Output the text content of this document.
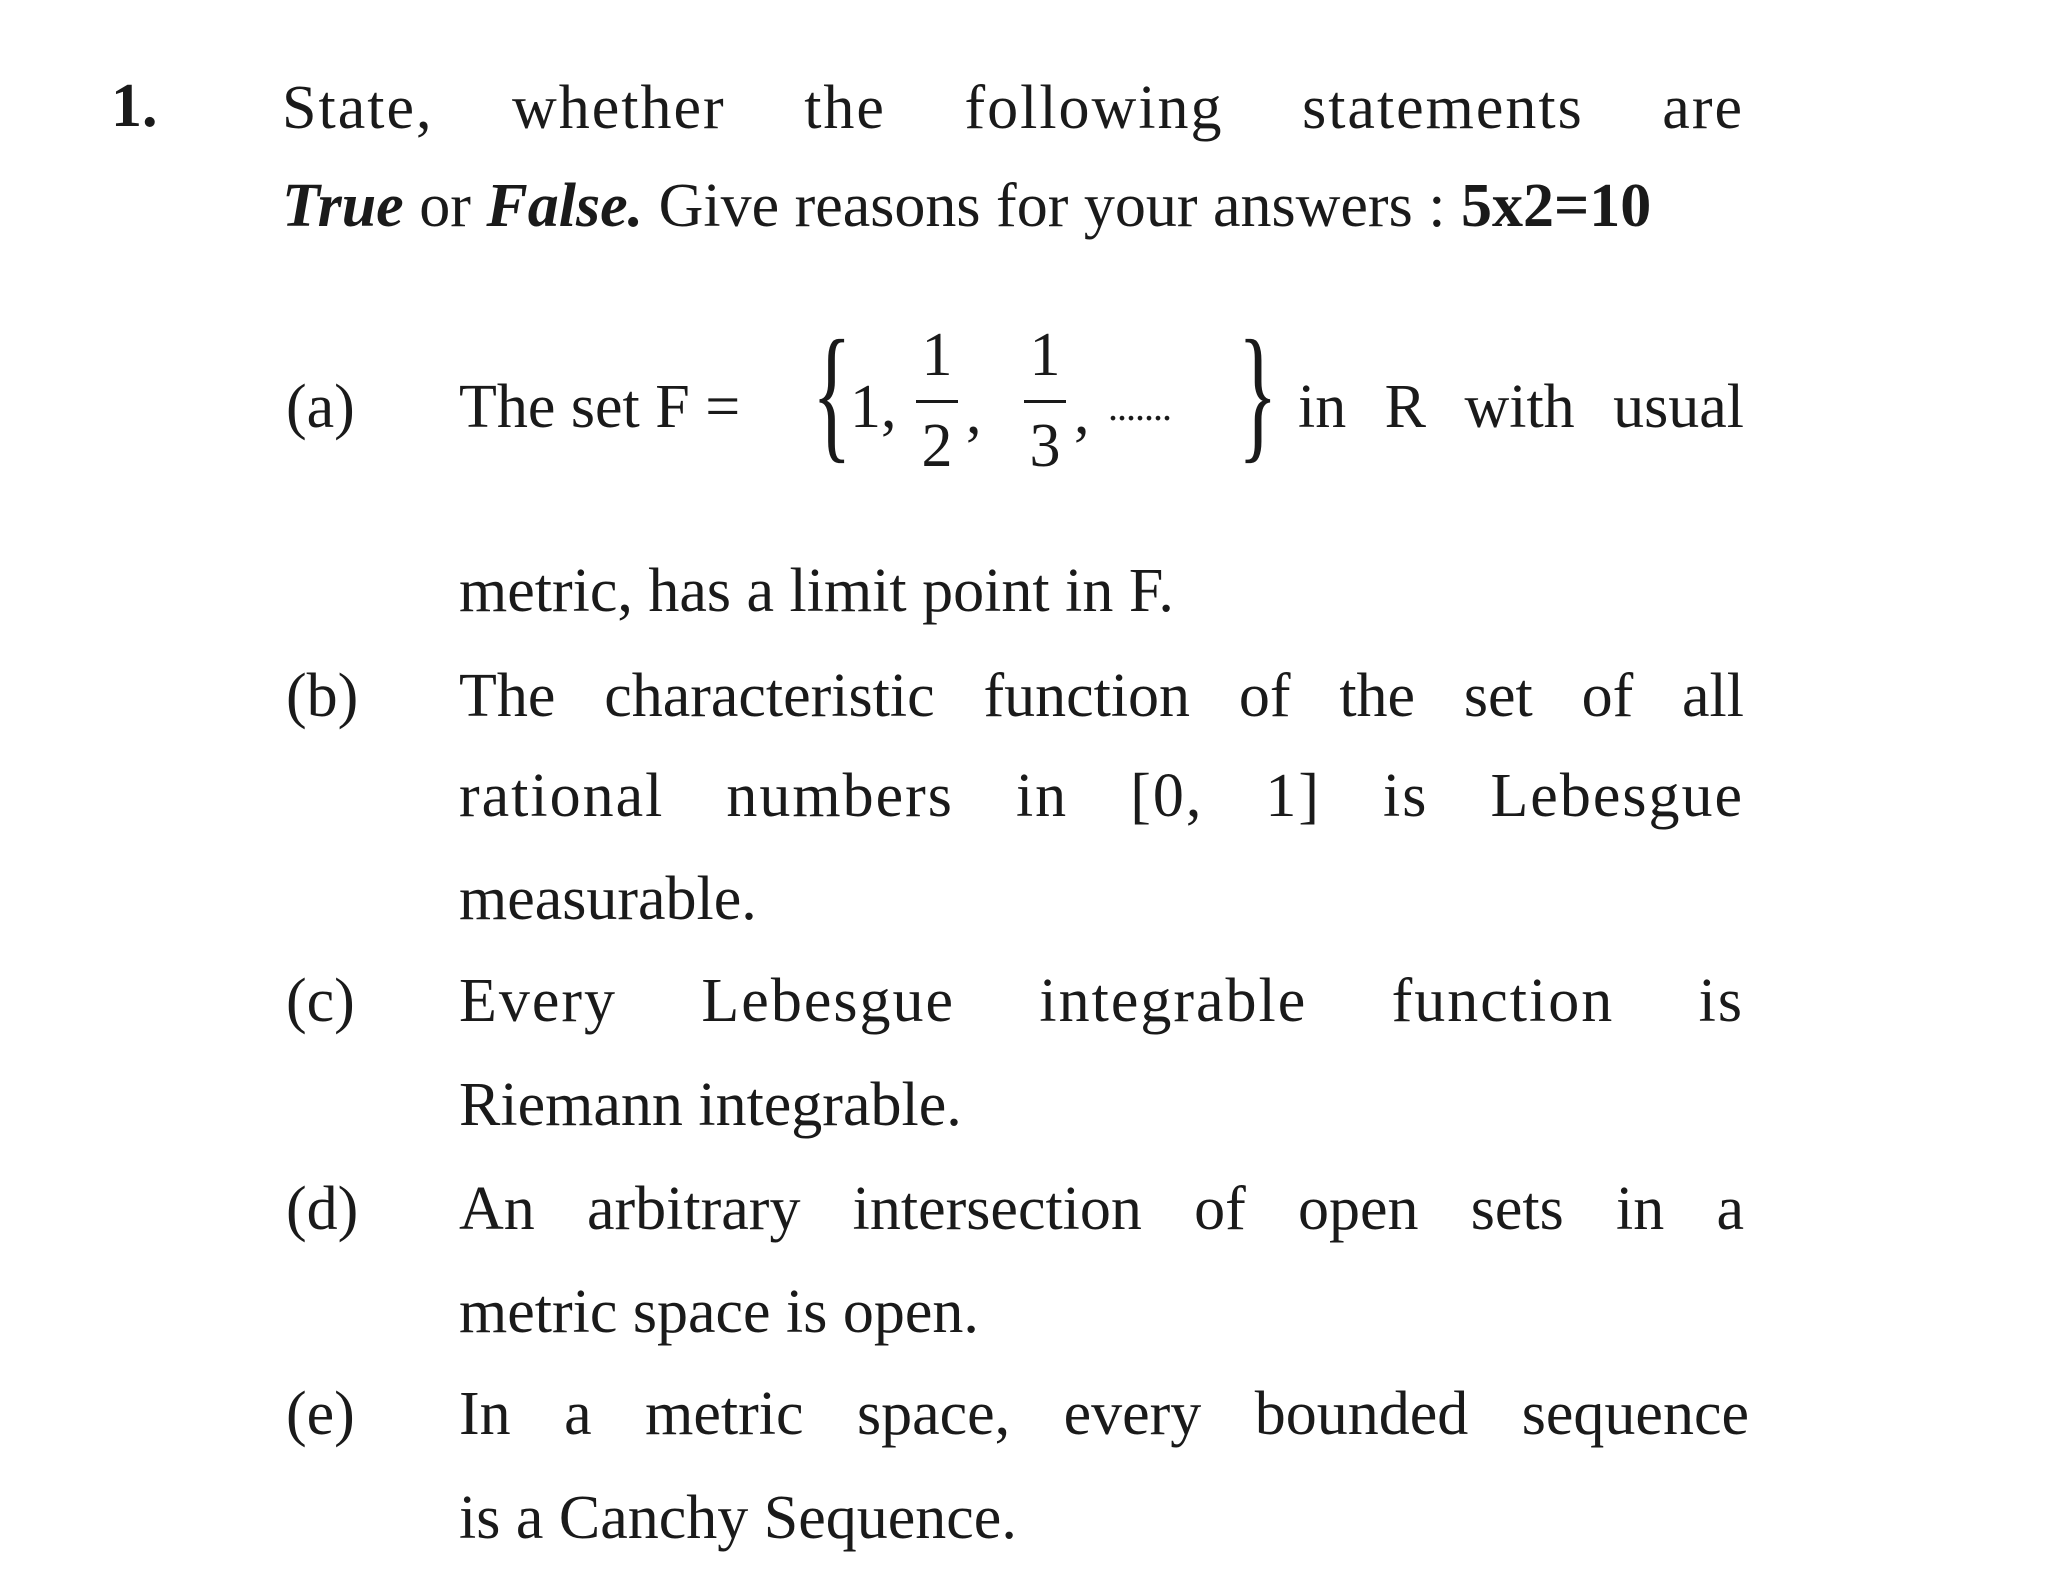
1. State, whether the following statements are
True or False. Give reasons for your answers : 5x2=10
(a) The set F = {
1,
1
2 ,
1
3 , ....... } in R with usual
metric, has a limit point in F.
(b) The characteristic function of the set of all
rational numbers in [0, 1] is Lebesgue
measurable.
(c) Every Lebesgue integrable function is
Riemann integrable.
(d) An arbitrary intersection of open sets in a
metric space is open.
(e) In a metric space, every bounded sequence
is a Canchy Sequence.
